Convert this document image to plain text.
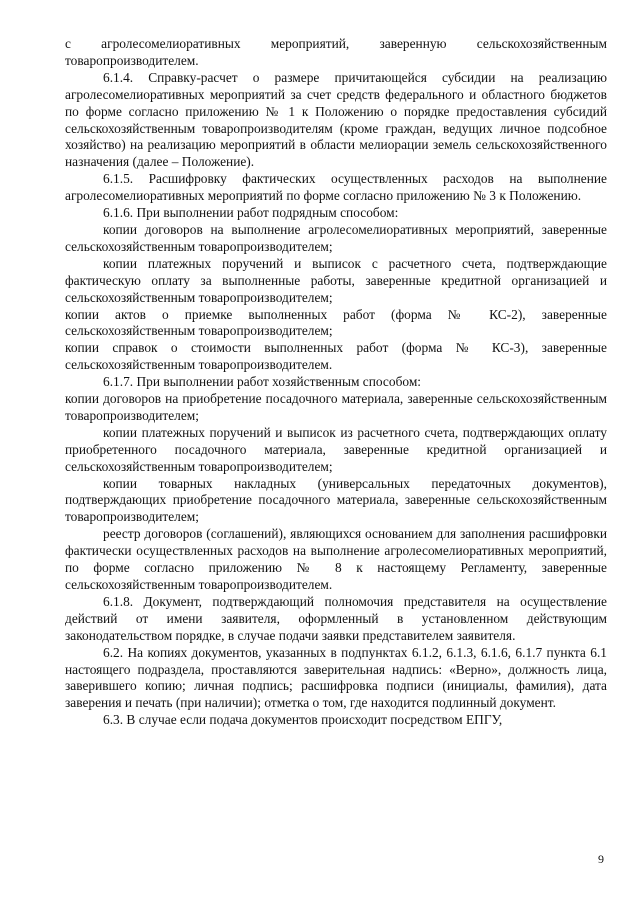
с агролесомелиоративных мероприятий, заверенную сельскохозяйственным товаропроизводителем.

6.1.4. Справку-расчет о размере причитающейся субсидии на реализацию агролесомелиоративных мероприятий за счет средств федерального и областного бюджетов по форме согласно приложению № 1 к Положению о порядке предоставления субсидий сельскохозяйственным товаропроизводителям (кроме граждан, ведущих личное подсобное хозяйство) на реализацию мероприятий в области мелиорации земель сельскохозяйственного назначения (далее – Положение).

6.1.5. Расшифровку фактических осуществленных расходов на выполнение агролесомелиоративных мероприятий по форме согласно приложению № 3 к Положению.

6.1.6. При выполнении работ подрядным способом:

копии договоров на выполнение агролесомелиоративных мероприятий, заверенные сельскохозяйственным товаропроизводителем;

копии платежных поручений и выписок с расчетного счета, подтверждающие фактическую оплату за выполненные работы, заверенные кредитной организацией и сельскохозяйственным товаропроизводителем;

копии актов о приемке выполненных работ (форма № КС-2), заверенные сельскохозяйственным товаропроизводителем;

копии справок о стоимости выполненных работ (форма № КС-3), заверенные сельскохозяйственным товаропроизводителем.

6.1.7. При выполнении работ хозяйственным способом:

копии договоров на приобретение посадочного материала, заверенные сельскохозяйственным товаропроизводителем;

копии платежных поручений и выписок из расчетного счета, подтверждающих оплату приобретенного посадочного материала, заверенные кредитной организацией и сельскохозяйственным товаропроизводителем;

копии товарных накладных (универсальных передаточных документов), подтверждающих приобретение посадочного материала, заверенные сельскохозяйственным товаропроизводителем;

реестр договоров (соглашений), являющихся основанием для заполнения расшифровки фактически осуществленных расходов на выполнение агролесомелиоративных мероприятий, по форме согласно приложению № 8 к настоящему Регламенту, заверенные сельскохозяйственным товаропроизводителем.

6.1.8. Документ, подтверждающий полномочия представителя на осуществление действий от имени заявителя, оформленный в установленном действующим законодательством порядке, в случае подачи заявки представителем заявителя.

6.2. На копиях документов, указанных в подпунктах 6.1.2, 6.1.3, 6.1.6, 6.1.7 пункта 6.1 настоящего подраздела, проставляются заверительная надпись: «Верно», должность лица, заверившего копию; личная подпись; расшифровка подписи (инициалы, фамилия), дата заверения и печать (при наличии); отметка о том, где находится подлинный документ.

6.3. В случае если подача документов происходит посредством ЕПГУ,

9
